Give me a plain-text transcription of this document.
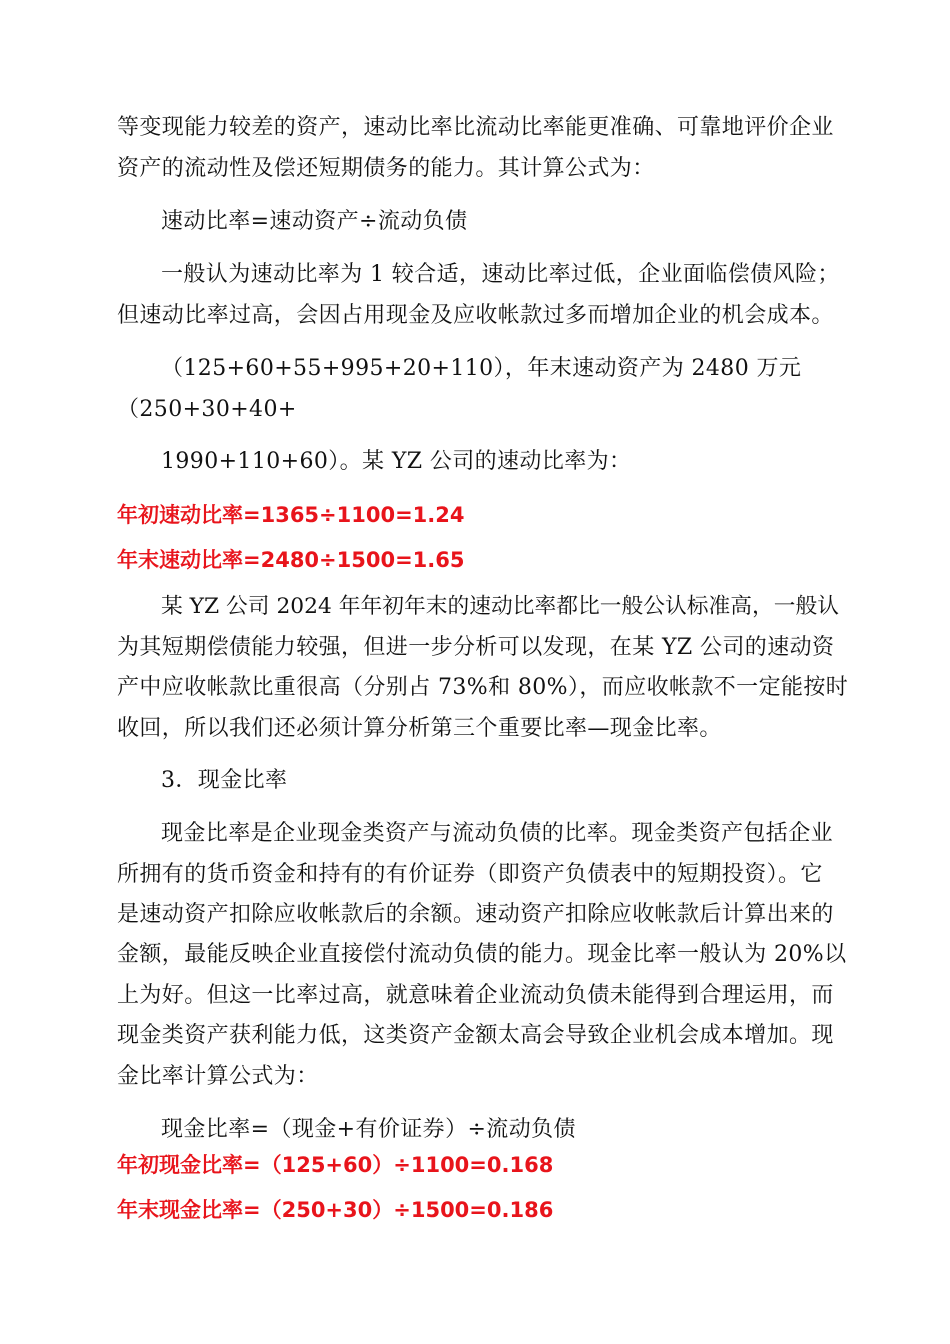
等变现能力较差的资产，速动比率比流动比率能更准确、可靠地评价企业
资产的流动性及偿还短期债务的能力。其计算公式为：
速动比率=速动资产÷流动负债
一般认为速动比率为 1 较合适，速动比率过低，企业面临偿债风险；
但速动比率过高，会因占用现金及应收帐款过多而增加企业的机会成本。
（125+60+55+995+20+110），年末速动资产为 2480 万元
（250+30+40+
1990+110+60）。某 YZ 公司的速动比率为：
年初速动比率=1365÷1100=1.24
年末速动比率=2480÷1500=1.65
某 YZ 公司 2024 年年初年末的速动比率都比一般公认标准高，一般认
为其短期偿债能力较强，但进一步分析可以发现，在某 YZ 公司的速动资
产中应收帐款比重很高（分别占 73%和 80%），而应收帐款不一定能按时
收回，所以我们还必须计算分析第三个重要比率—现金比率。
3．现金比率
现金比率是企业现金类资产与流动负债的比率。现金类资产包括企业
所拥有的货币资金和持有的有价证券（即资产负债表中的短期投资）。它
是速动资产扣除应收帐款后的余额。速动资产扣除应收帐款后计算出来的
金额，最能反映企业直接偿付流动负债的能力。现金比率一般认为 20%以
上为好。但这一比率过高，就意味着企业流动负债未能得到合理运用，而
现金类资产获利能力低，这类资产金额太高会导致企业机会成本增加。现
金比率计算公式为：
现金比率=（现金+有价证券）÷流动负债
年初现金比率=（125+60）÷1100=0.168
年末现金比率=（250+30）÷1500=0.186
